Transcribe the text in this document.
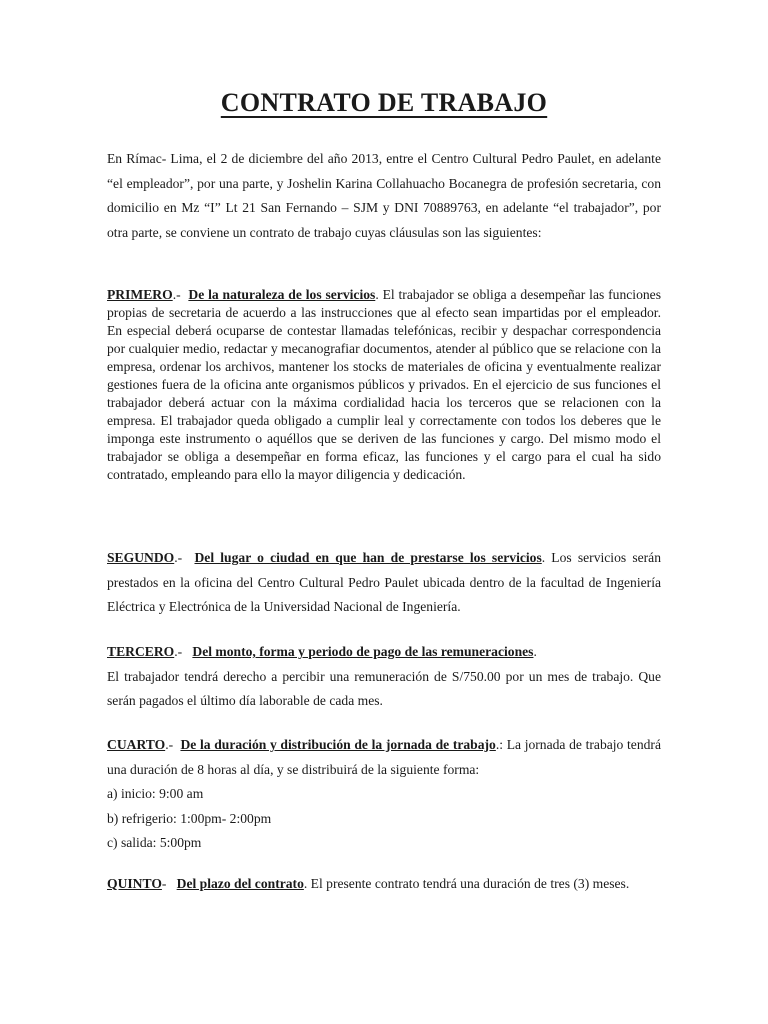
CONTRATO DE TRABAJO

En Rímac- Lima, el 2 de diciembre del año 2013, entre el Centro Cultural Pedro Paulet, en adelante “el empleador”, por una parte, y Joshelin Karina Collahuacho Bocanegra de profesión secretaria, con domicilio en Mz “I” Lt 21 San Fernando – SJM y DNI 70889763, en adelante “el trabajador”, por otra parte, se conviene un contrato de trabajo cuyas cláusulas son las siguientes:

PRIMERO.- De la naturaleza de los servicios. El trabajador se obliga a desempeñar las funciones propias de secretaria de acuerdo a las instrucciones que al efecto sean impartidas por el empleador. En especial deberá ocuparse de contestar llamadas telefónicas, recibir y despachar correspondencia por cualquier medio, redactar y mecanografiar documentos, atender al público que se relacione con la empresa, ordenar los archivos, mantener los stocks de materiales de oficina y eventualmente realizar gestiones fuera de la oficina ante organismos públicos y privados. En el ejercicio de sus funciones el trabajador deberá actuar con la máxima cordialidad hacia los terceros que se relacionen con la empresa. El trabajador queda obligado a cumplir leal y correctamente con todos los deberes que le imponga este instrumento o aquéllos que se deriven de las funciones y cargo. Del mismo modo el trabajador se obliga a desempeñar en forma eficaz, las funciones y el cargo para el cual ha sido contratado, empleando para ello la mayor diligencia y dedicación.

SEGUNDO.- Del lugar o ciudad en que han de prestarse los servicios. Los servicios serán prestados en la oficina del Centro Cultural Pedro Paulet ubicada dentro de la facultad de Ingeniería Eléctrica y Electrónica de la Universidad Nacional de Ingeniería.

TERCERO.- Del monto, forma y periodo de pago de las remuneraciones.

El trabajador tendrá derecho a percibir una remuneración de S/750.00 por un mes de trabajo. Que serán pagados el último día laborable de cada mes.

CUARTO.- De la duración y distribución de la jornada de trabajo.: La jornada de trabajo tendrá una duración de 8 horas al día, y se distribuirá de la siguiente forma:

a) inicio: 9:00 am

b) refrigerio: 1:00pm- 2:00pm

c) salida: 5:00pm

QUINTO- Del plazo del contrato. El presente contrato tendrá una duración de tres (3) meses.
